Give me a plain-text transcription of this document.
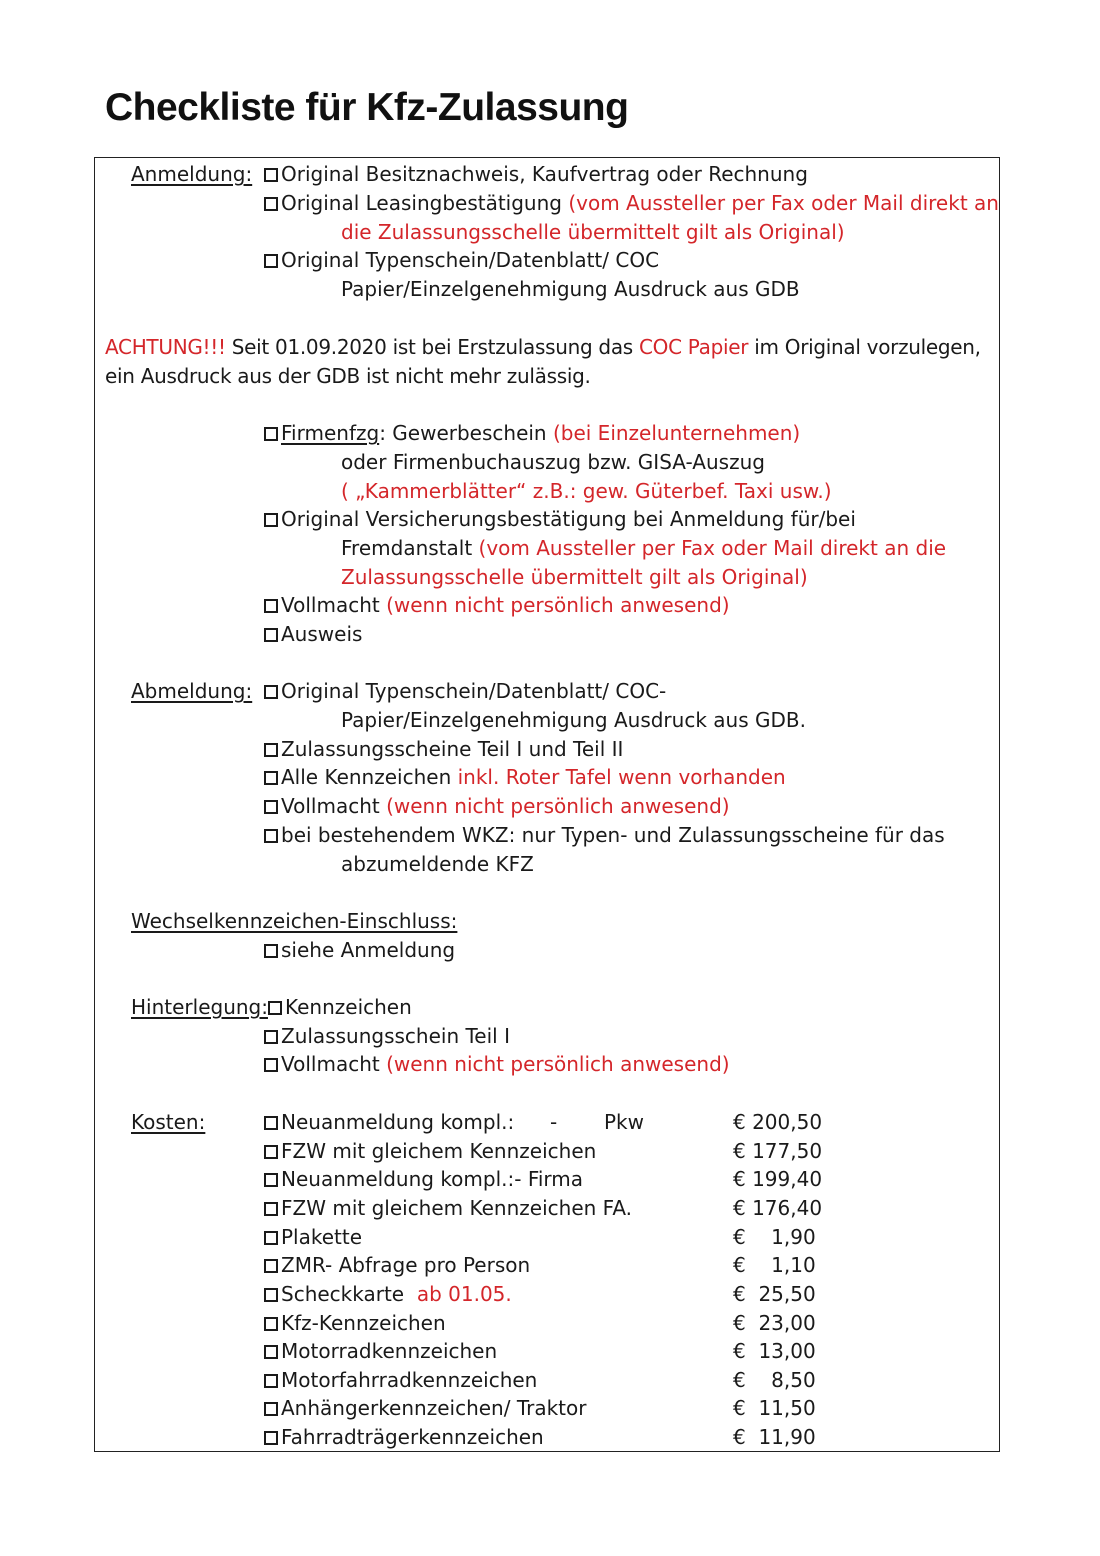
Checkliste für Kfz-Zulassung
Anmeldung:	Original Besitznachweis, Kaufvertrag oder Rechnung
Original Leasingbestätigung (vom Aussteller per Fax oder Mail direkt an
die Zulassungsschelle übermittelt gilt als Original)
Original Typenschein/Datenblatt/ COC
Papier/Einzelgenehmigung Ausdruck aus GDB
ACHTUNG!!! Seit 01.09.2020 ist bei Erstzulassung das COC Papier im Original vorzulegen,
ein Ausdruck aus der GDB ist nicht mehr zulässig.
Firmenfzg: Gewerbeschein (bei Einzelunternehmen)
oder Firmenbuchauszug bzw. GISA-Auszug
( „Kammerblätter“ z.B.: gew. Güterbef. Taxi usw.)
Original Versicherungsbestätigung bei Anmeldung für/bei
Fremdanstalt (vom Aussteller per Fax oder Mail direkt an die
Zulassungsschelle übermittelt gilt als Original)
Vollmacht (wenn nicht persönlich anwesend)
Ausweis
Abmeldung:	Original Typenschein/Datenblatt/ COC-
Papier/Einzelgenehmigung Ausdruck aus GDB.
Zulassungsscheine Teil I und Teil II
Alle Kennzeichen inkl. Roter Tafel wenn vorhanden
Vollmacht (wenn nicht persönlich anwesend)
bei bestehendem WKZ: nur Typen- und Zulassungsscheine für das
abzumeldende KFZ
Wechselkennzeichen-Einschluss:
siehe Anmeldung
Hinterlegung: Kennzeichen
Zulassungsschein Teil I
Vollmacht (wenn nicht persönlich anwesend)
Kosten:	Neuanmeldung kompl.: - Pkw	€ 200,50
FZW mit gleichem Kennzeichen	€ 177,50
Neuanmeldung kompl.:- Firma	€ 199,40
FZW mit gleichem Kennzeichen FA.	€ 176,40
Plakette	€    1,90
ZMR- Abfrage pro Person	€    1,10
Scheckkarte  ab 01.05.	€  25,50
Kfz-Kennzeichen	€  23,00
Motorradkennzeichen	€  13,00
Motorfahrradkennzeichen	€    8,50
Anhängerkennzeichen/ Traktor	€  11,50
Fahrradträgerkennzeichen	€  11,90
